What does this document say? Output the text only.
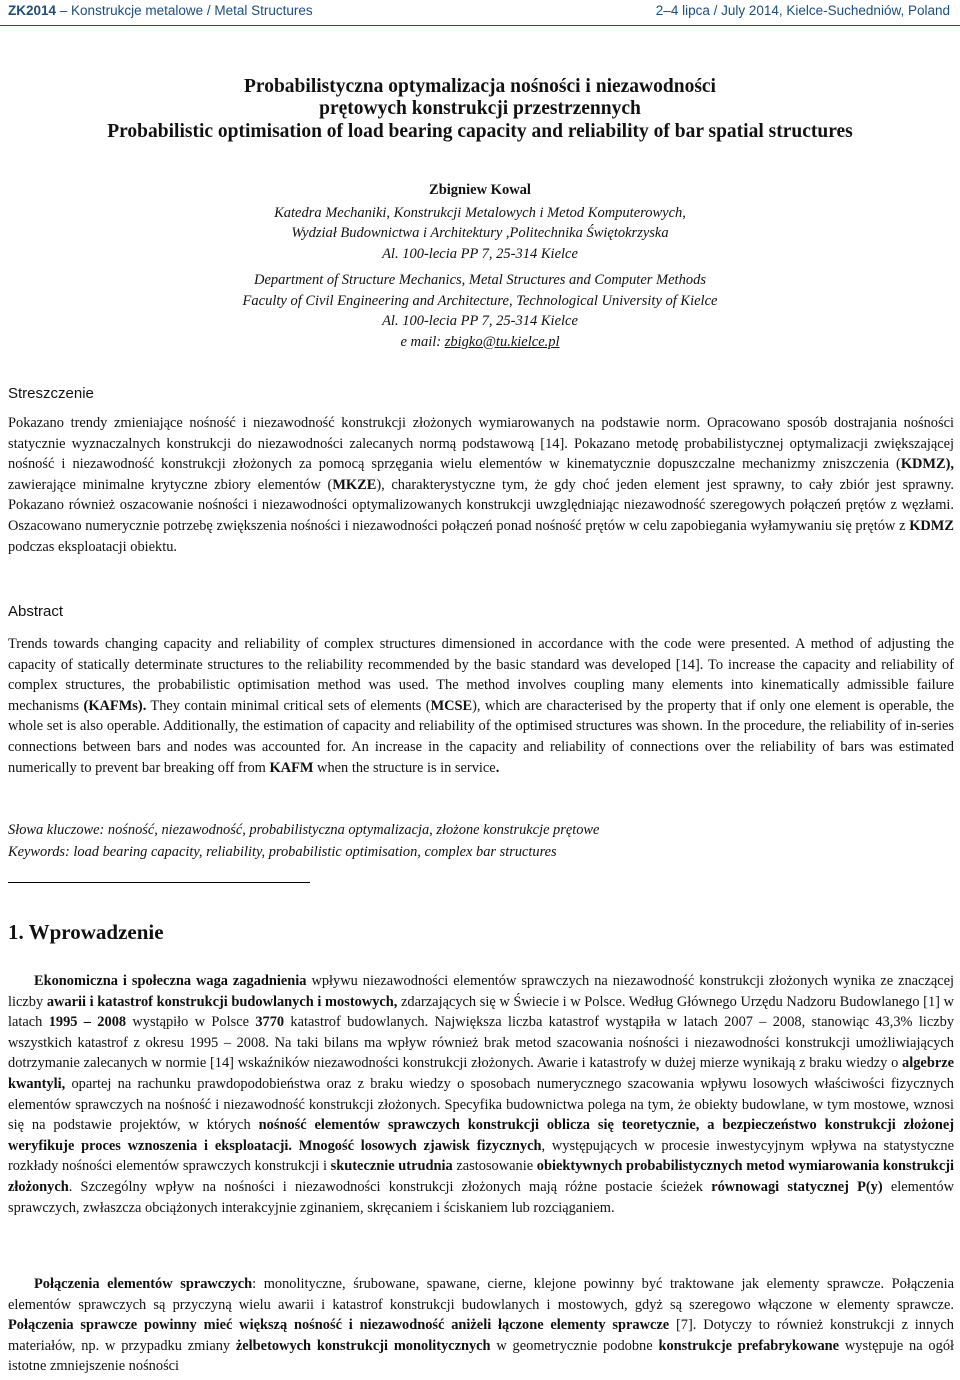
ZK2014 – Konstrukcje metalowe / Metal Structures	2–4 lipca / July 2014, Kielce-Suchedniów, Poland
Probabilistyczna optymalizacja nośności i niezawodności
prętowych konstrukcji przestrzennych
Probabilistic optimisation of load bearing capacity and reliability of bar spatial structures
Zbigniew Kowal
Katedra Mechaniki, Konstrukcji Metalowych i Metod Komputerowych,
Wydział Budownictwa i Architektury ,Politechnika Świętokrzyska
Al. 100-lecia PP 7, 25-314 Kielce
Department of Structure Mechanics, Metal Structures and Computer Methods
Faculty of Civil Engineering and Architecture, Technological University of Kielce
Al. 100-lecia PP 7, 25-314 Kielce
e mail: zbigko@tu.kielce.pl
Streszczenie

Pokazano trendy zmieniające nośność i niezawodność konstrukcji złożonych wymiarowanych na podstawie norm. Opracowano sposób dostrajania nośności statycznie wyznaczalnych konstrukcji do niezawodności zalecanych normą podstawową [14]. Pokazano metodę probabilistycznej optymalizacji zwiększającej nośność i niezawodność konstrukcji złożonych za pomocą sprzęgania wielu elementów w kinematycznie dopuszczalne mechanizmy zniszczenia (KDMZ), zawierające minimalne krytyczne zbiory elementów (MKZE), charakterystyczne tym, że gdy choć jeden element jest sprawny, to cały zbiór jest sprawny. Pokazano również oszacowanie nośności i niezawodności optymalizowanych konstrukcji uwzględniając niezawodność szeregowych połączeń prętów z węzłami. Oszacowano numerycznie potrzebę zwiększenia nośności i niezawodności połączeń ponad nośność prętów w celu zapobiegania wyłamywaniu się prętów z KDMZ podczas eksploatacji obiektu.

Abstract

Trends towards changing capacity and reliability of complex structures dimensioned in accordance with the code were presented. A method of adjusting the capacity of statically determinate structures to the reliability recommended by the basic standard was developed [14]. To increase the capacity and reliability of complex structures, the probabilistic optimisation method was used. The method involves coupling many elements into kinematically admissible failure mechanisms (KAFMs). They contain minimal critical sets of elements (MCSE), which are characterised by the property that if only one element is operable, the whole set is also operable. Additionally, the estimation of capacity and reliability of the optimised structures was shown. In the procedure, the reliability of in-series connections between bars and nodes was accounted for. An increase in the capacity and reliability of connections over the reliability of bars was estimated numerically to prevent bar breaking off from KAFM when the structure is in service.

Słowa kluczowe: nośność, niezawodność, probabilistyczna optymalizacja, złożone konstrukcje prętowe
Keywords: load bearing capacity, reliability, probabilistic optimisation, complex bar structures
1. Wprowadzenie

Ekonomiczna i społeczna waga zagadnienia wpływu niezawodności elementów sprawczych na niezawodność konstrukcji złożonych wynika ze znaczącej liczby awarii i katastrof konstrukcji budowlanych i mostowych, zdarzających się w Świecie i w Polsce. Według Głównego Urzędu Nadzoru Budowlanego [1] w latach 1995 – 2008 wystąpiło w Polsce 3770 katastrof budowlanych. Największa liczba katastrof wystąpiła w latach 2007 – 2008, stanowiąc 43,3% liczby wszystkich katastrof z okresu 1995 – 2008. Na taki bilans ma wpływ również brak metod szacowania nośności i niezawodności konstrukcji umożliwiających dotrzymanie zalecanych w normie [14] wskaźników niezawodności konstrukcji złożonych. Awarie i katastrofy w dużej mierze wynikają z braku wiedzy o algebrze kwantyli, opartej na rachunku prawdopodobieństwa oraz z braku wiedzy o sposobach numerycznego szacowania wpływu losowych właściwości fizycznych elementów sprawczych na nośność i niezawodność konstrukcji złożonych. Specyfika budownictwa polega na tym, że obiekty budowlane, w tym mostowe, wznosi się na podstawie projektów, w których nośność elementów sprawczych konstrukcji oblicza się teoretycznie, a bezpieczeństwo konstrukcji złożonej weryfikuje proces wznoszenia i eksploatacji. Mnogość losowych zjawisk fizycznych, występujących w procesie inwestycyjnym wpływa na statystyczne rozkłady nośności elementów sprawczych konstrukcji i skutecznie utrudnia zastosowanie obiektywnych probabilistycznych metod wymiarowania konstrukcji złożonych. Szczególny wpływ na nośności i niezawodności konstrukcji złożonych mają różne postacie ścieżek równowagi statycznej P(y) elementów sprawczych, zwłaszcza obciążonych interakcyjnie zginaniem, skręcaniem i ściskaniem lub rozciąganiem.

Połączenia elementów sprawczych: monolityczne, śrubowane, spawane, cierne, klejone powinny być traktowane jak elementy sprawcze. Połączenia elementów sprawczych są przyczyną wielu awarii i katastrof konstrukcji budowlanych i mostowych, gdyż są szeregowo włączone w elementy sprawcze. Połączenia sprawcze powinny mieć większą nośność i niezawodność aniżeli łączone elementy sprawcze [7]. Dotyczy to również konstrukcji z innych materiałów, np. w przypadku zmiany żelbetowych konstrukcji monolitycznych w geometrycznie podobne konstrukcje prefabrykowane występuje na ogół istotne zmniejszenie nośności
